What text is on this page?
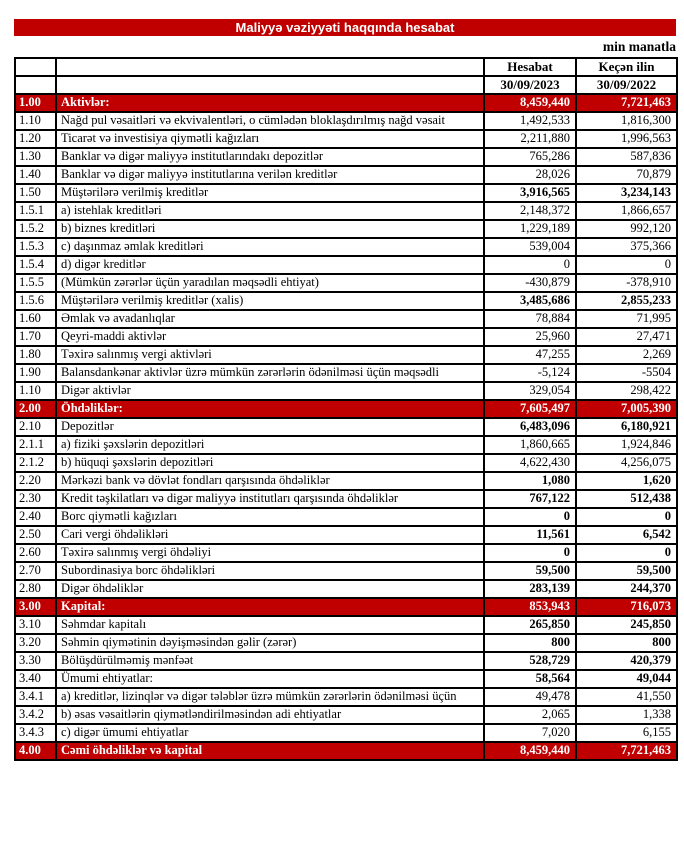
Maliyyə vəziyyəti haqqında hesabat
min manatla
		Hesabat	Keçən ilin
		30/09/2023	30/09/2022
1.00	Aktivlər:	8,459,440	7,721,463
1.10	Nağd pul vəsaitləri və ekvivalentləri, o cümlədən bloklaşdırılmış nağd vəsait	1,492,533	1,816,300
1.20	Ticarət və investisiya qiymətli kağızları	2,211,880	1,996,563
1.30	Banklar və digər maliyyə institutlarındakı depozitlər	765,286	587,836
1.40	Banklar və digər maliyyə institutlarına verilən kreditlər	28,026	70,879
1.50	Müştərilərə verilmiş kreditlər	3,916,565	3,234,143
1.5.1	a) istehlak kreditləri	2,148,372	1,866,657
1.5.2	b) biznes kreditləri	1,229,189	992,120
1.5.3	c) daşınmaz əmlak kreditləri	539,004	375,366
1.5.4	d) digər kreditlər	0	0
1.5.5	(Mümkün zərərlər üçün yaradılan məqsədli ehtiyat)	-430,879	-378,910
1.5.6	Müştərilərə verilmiş kreditlər (xalis)	3,485,686	2,855,233
1.60	Əmlak və avadanlıqlar	78,884	71,995
1.70	Qeyri-maddi aktivlər	25,960	27,471
1.80	Təxirə salınmış vergi aktivləri	47,255	2,269
1.90	Balansdankənar aktivlər üzrə mümkün zərərlərin ödənilməsi üçün məqsədli	-5,124	-5504
1.10	Digər aktivlər	329,054	298,422
2.00	Öhdəliklər:	7,605,497	7,005,390
2.10	Depozitlər	6,483,096	6,180,921
2.1.1	a) fiziki şəxslərin depozitləri	1,860,665	1,924,846
2.1.2	b) hüquqi şəxslərin depozitləri	4,622,430	4,256,075
2.20	Mərkəzi bank və dövlət fondları qarşısında öhdəliklər	1,080	1,620
2.30	Kredit təşkilatları və digər maliyyə institutları qarşısında öhdəliklər	767,122	512,438
2.40	Borc qiymətli kağızları	0	0
2.50	Cari vergi öhdəlikləri	11,561	6,542
2.60	Təxirə salınmış vergi öhdəliyi	0	0
2.70	Subordinasiya borc öhdəlikləri	59,500	59,500
2.80	Digər öhdəliklər	283,139	244,370
3.00	Kapital:	853,943	716,073
3.10	Səhmdar kapitalı	265,850	245,850
3.20	Səhmin qiymətinin dəyişməsindən gəlir (zərər)	800	800
3.30	Bölüşdürülməmiş mənfəət	528,729	420,379
3.40	Ümumi ehtiyatlar:	58,564	49,044
3.4.1	a) kreditlər, lizinqlər və digər tələblər üzrə mümkün zərərlərin ödənilməsi üçün	49,478	41,550
3.4.2	b) əsas vəsaitlərin qiymətləndirilməsindən adi ehtiyatlar	2,065	1,338
3.4.3	c) digər ümumi ehtiyatlar	7,020	6,155
4.00	Cəmi öhdəliklər və kapital	8,459,440	7,721,463
